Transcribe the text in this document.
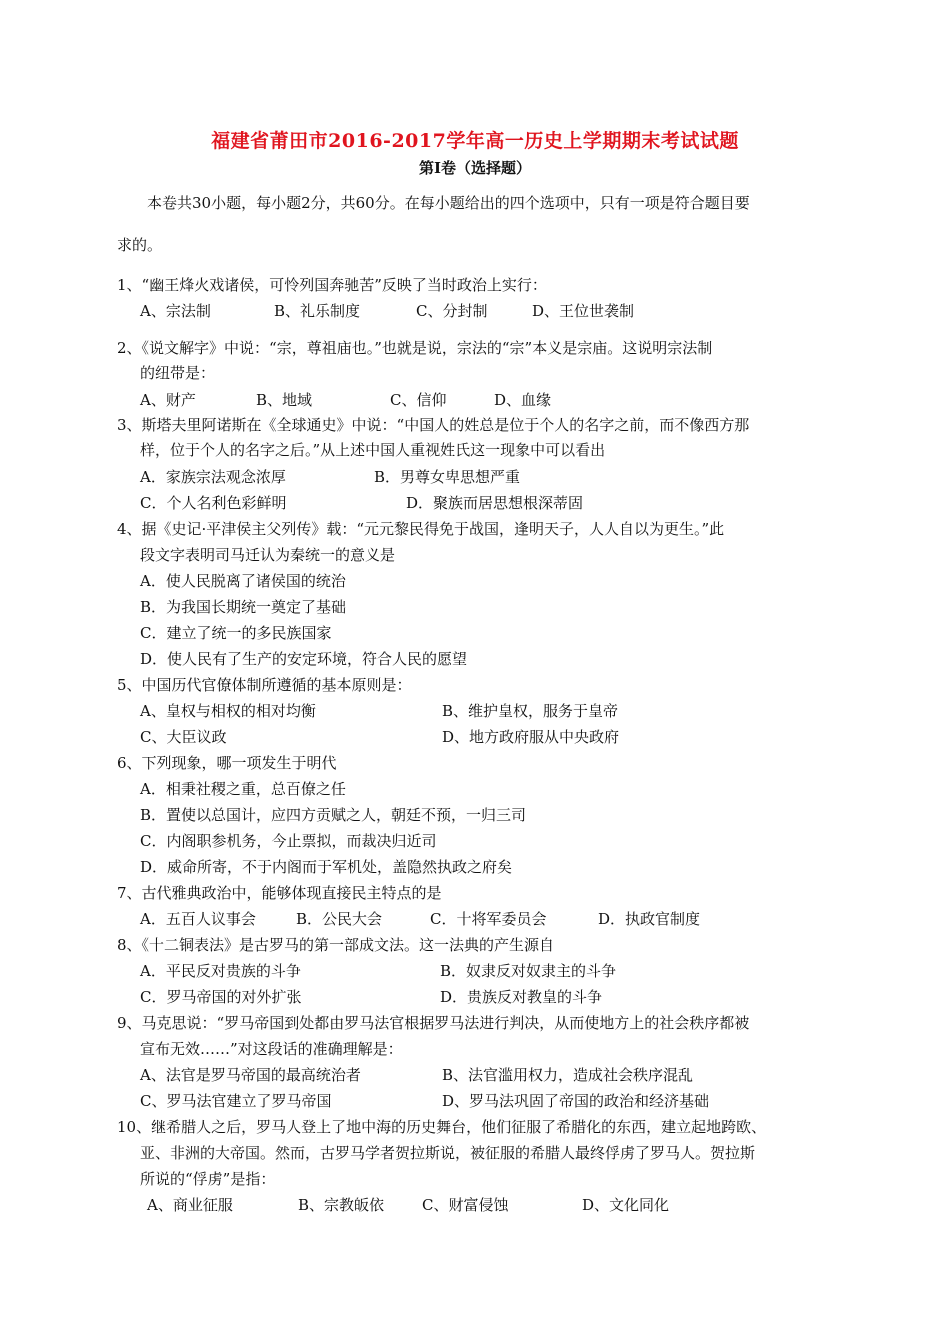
福建省莆田市2016-2017学年高一历史上学期期末考试试题
第Ⅰ卷（选择题）
本卷共30小题，每小题2分，共60分。在每小题给出的四个选项中，只有一项是符合题目要
求的。
1、“幽王烽火戏诸侯，可怜列国奔驰苦”反映了当时政治上实行：
A、宗法制	B、礼乐制度	C、分封制	D、王位世袭制
2、《说文解字》中说：“宗，尊祖庙也。”也就是说，宗法的“宗”本义是宗庙。这说明宗法制
的纽带是：
A、财产	B、地域	C、信仰	D、血缘
3、斯塔夫里阿诺斯在《全球通史》中说：“中国人的姓总是位于个人的名字之前，而不像西方那
样，位于个人的名字之后。”从上述中国人重视姓氏这一现象中可以看出
A．家族宗法观念浓厚	B．男尊女卑思想严重
C．个人名利色彩鲜明	D．聚族而居思想根深蒂固
4、据《史记·平津侯主父列传》载：“元元黎民得免于战国，逢明天子，人人自以为更生。”此
段文字表明司马迁认为秦统一的意义是
A．使人民脱离了诸侯国的统治
B．为我国长期统一奠定了基础
C．建立了统一的多民族国家
D．使人民有了生产的安定环境，符合人民的愿望
5、中国历代官僚体制所遵循的基本原则是：
A、皇权与相权的相对均衡	B、维护皇权，服务于皇帝
C、大臣议政	D、地方政府服从中央政府
6、下列现象，哪一项发生于明代
A．相秉社稷之重，总百僚之任
B．置使以总国计，应四方贡赋之人，朝廷不预，一归三司
C．内阁职参机务，今止票拟，而裁决归近司
D．威命所寄，不于内阁而于军机处，盖隐然执政之府矣
7、古代雅典政治中，能够体现直接民主特点的是
A．五百人议事会	B．公民大会	C．十将军委员会	D．执政官制度
8、《十二铜表法》是古罗马的第一部成文法。这一法典的产生源自
A．平民反对贵族的斗争	B．奴隶反对奴隶主的斗争
C．罗马帝国的对外扩张	D．贵族反对教皇的斗争
9、马克思说：“罗马帝国到处都由罗马法官根据罗马法进行判决，从而使地方上的社会秩序都被
宣布无效……”对这段话的准确理解是：
A、法官是罗马帝国的最高统治者	B、法官滥用权力，造成社会秩序混乱
C、罗马法官建立了罗马帝国	D、罗马法巩固了帝国的政治和经济基础
10、继希腊人之后，罗马人登上了地中海的历史舞台，他们征服了希腊化的东西，建立起地跨欧、
亚、非洲的大帝国。然而，古罗马学者贺拉斯说，被征服的希腊人最终俘虏了罗马人。贺拉斯
所说的“俘虏”是指：
A、商业征服	B、宗教皈依	C、财富侵蚀	D、文化同化
